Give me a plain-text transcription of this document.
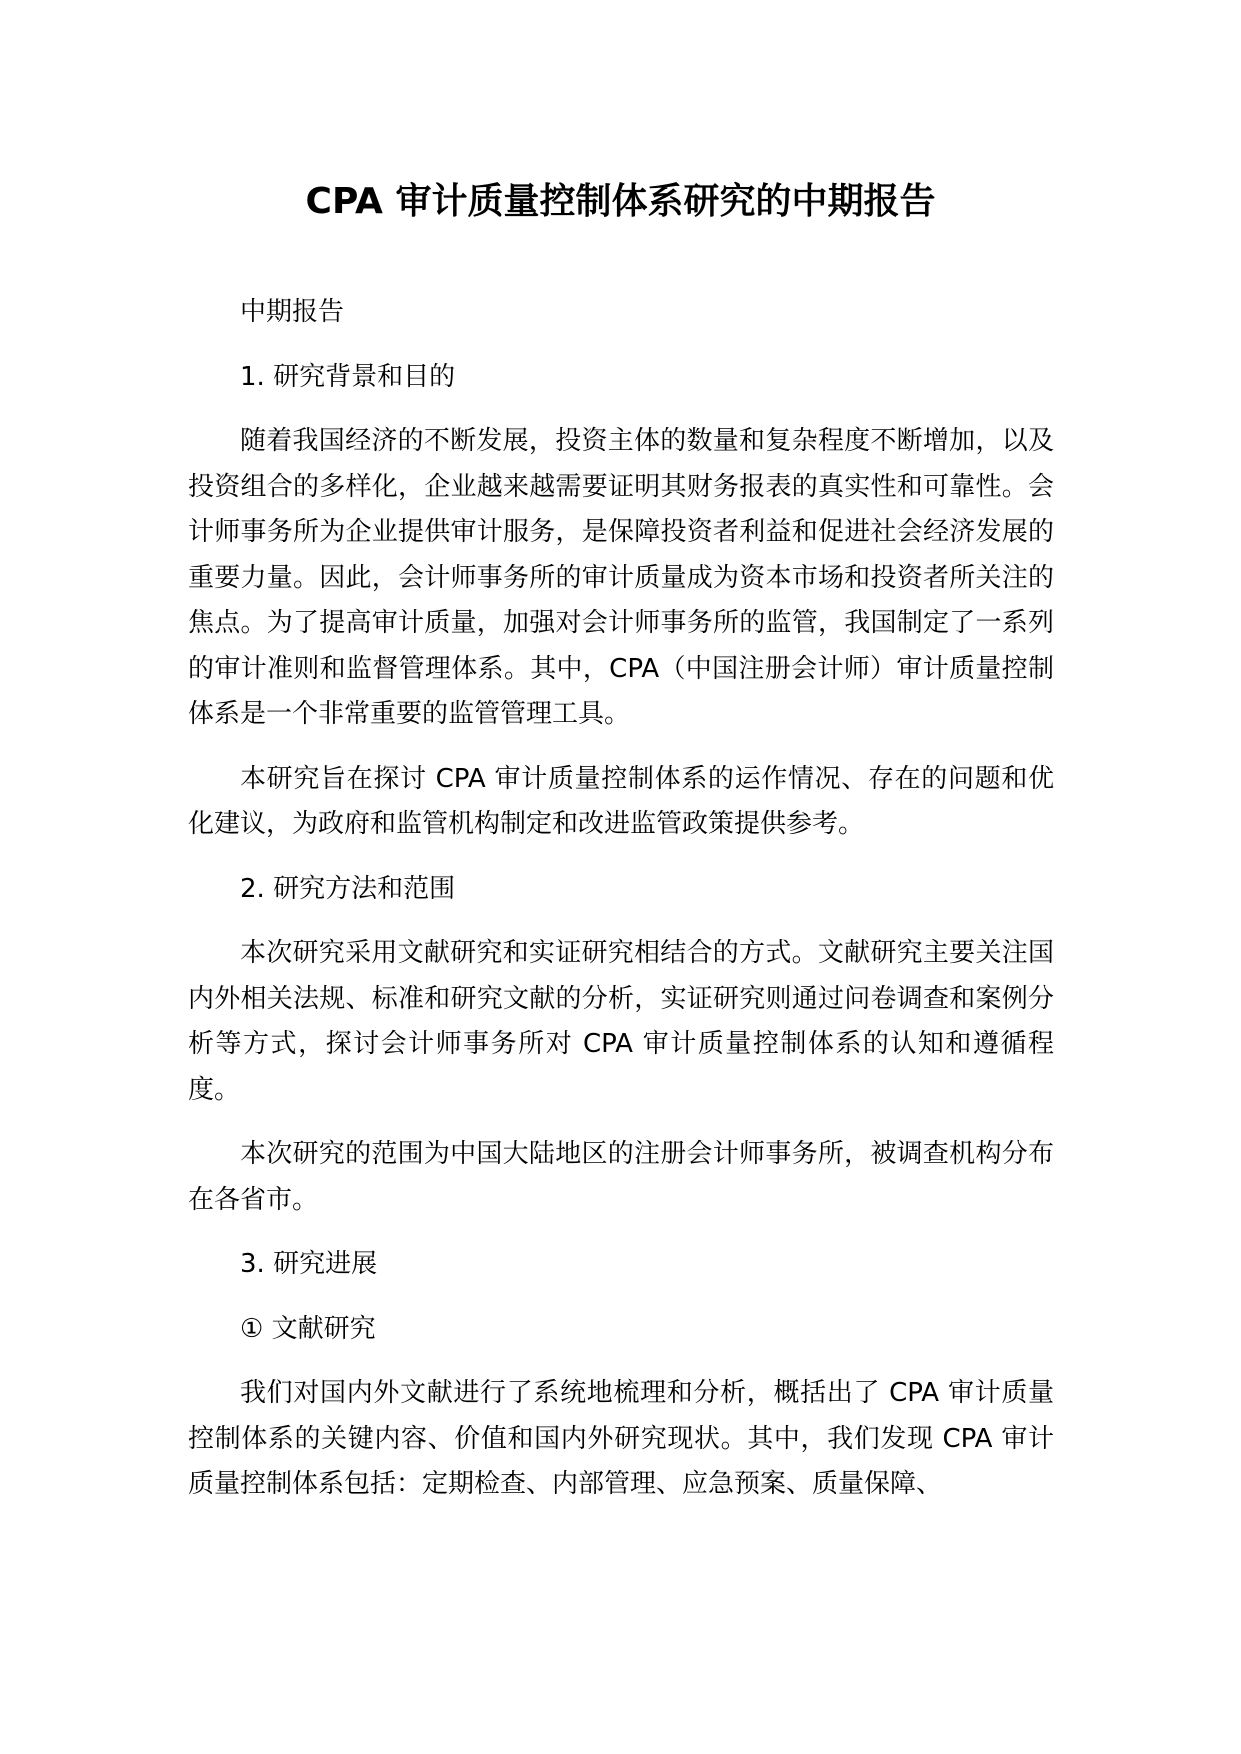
CPA 审计质量控制体系研究的中期报告

中期报告

1. 研究背景和目的

随着我国经济的不断发展，投资主体的数量和复杂程度不断增加，以及投资组合的多样化，企业越来越需要证明其财务报表的真实性和可靠性。会计师事务所为企业提供审计服务，是保障投资者利益和促进社会经济发展的重要力量。因此，会计师事务所的审计质量成为资本市场和投资者所关注的焦点。为了提高审计质量，加强对会计师事务所的监管，我国制定了一系列的审计准则和监督管理体系。其中，CPA（中国注册会计师）审计质量控制体系是一个非常重要的监管管理工具。

本研究旨在探讨 CPA 审计质量控制体系的运作情况、存在的问题和优化建议，为政府和监管机构制定和改进监管政策提供参考。

2. 研究方法和范围

本次研究采用文献研究和实证研究相结合的方式。文献研究主要关注国内外相关法规、标准和研究文献的分析，实证研究则通过问卷调查和案例分析等方式，探讨会计师事务所对 CPA 审计质量控制体系的认知和遵循程度。

本次研究的范围为中国大陆地区的注册会计师事务所，被调查机构分布在各省市。

3. 研究进展

① 文献研究

我们对国内外文献进行了系统地梳理和分析，概括出了 CPA 审计质量控制体系的关键内容、价值和国内外研究现状。其中，我们发现 CPA 审计质量控制体系包括：定期检查、内部管理、应急预案、质量保障、
